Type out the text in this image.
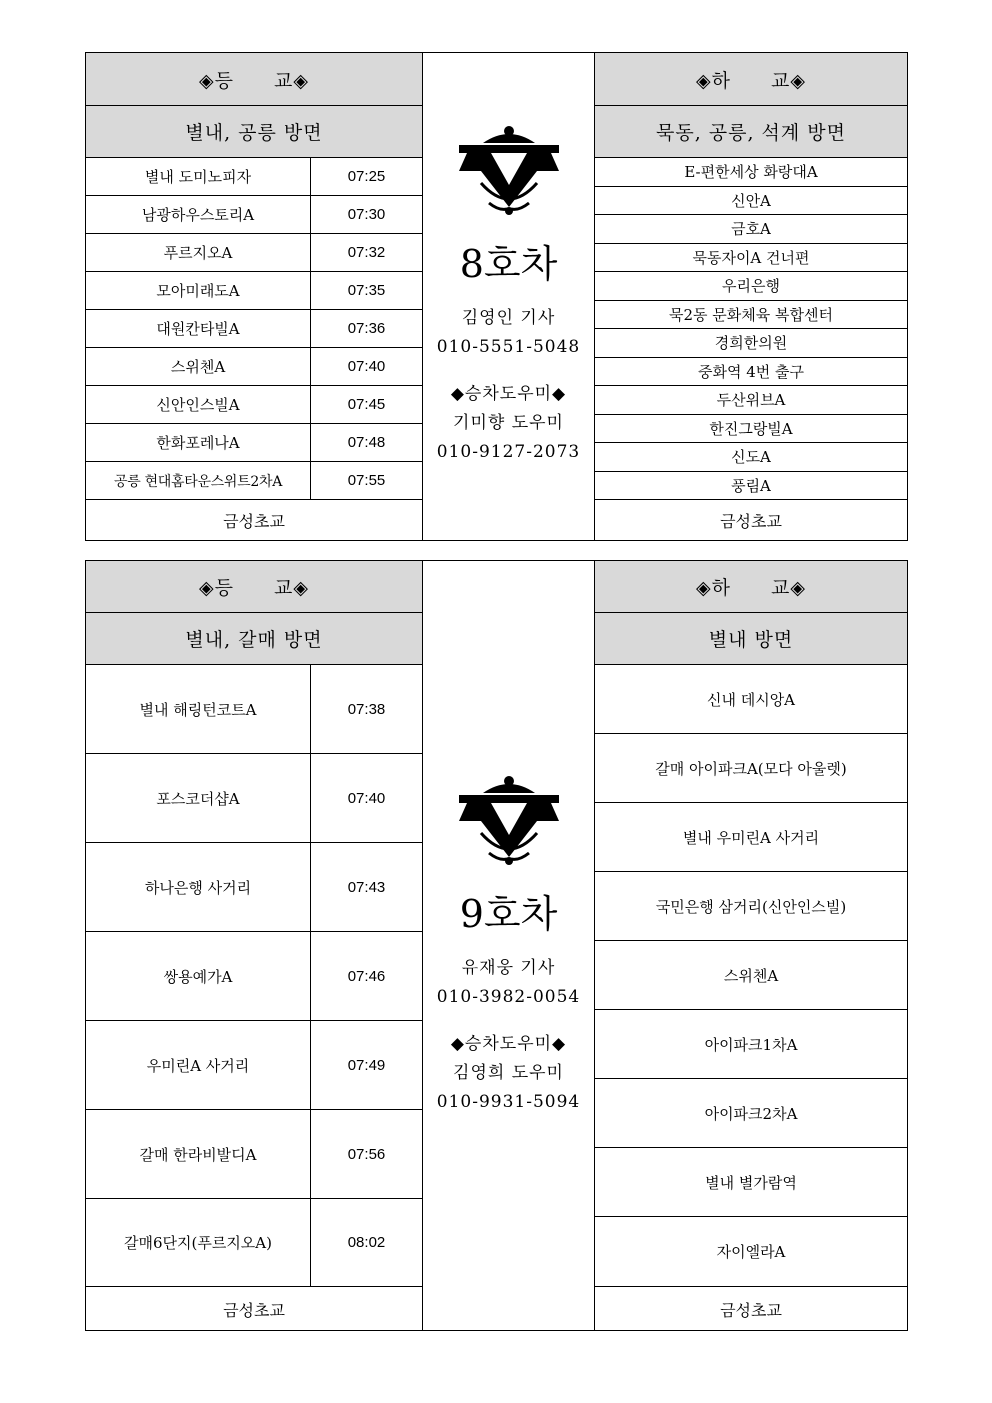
◈등　　교◈
별내, 공릉 방면
별내 도미노피자	07:25
남광하우스토리A	07:30
푸르지오A	07:32
모아미래도A	07:35
대원칸타빌A	07:36
스위첸A	07:40
신안인스빌A	07:45
한화포레나A	07:48
공릉 현대홈타운스위트2차A	07:55
금성초교
8호차
김영인 기사
010-5551-5048
◆승차도우미◆
기미향 도우미
010-9127-2073
◈하　　교◈
묵동, 공릉, 석계 방면
E-편한세상 화랑대A
신안A
금호A
묵동자이A 건너편
우리은행
묵2동 문화체육 복합센터
경희한의원
중화역 4번 출구
두산위브A
한진그랑빌A
신도A
풍림A
금성초교
◈등　　교◈
별내, 갈매 방면
별내 해링턴코트A	07:38
포스코더샵A	07:40
하나은행 사거리	07:43
쌍용예가A	07:46
우미린A 사거리	07:49
갈매 한라비발디A	07:56
갈매6단지(푸르지오A)	08:02
금성초교
9호차
유재웅 기사
010-3982-0054
◆승차도우미◆
김영희 도우미
010-9931-5094
◈하　　교◈
별내 방면
신내 데시앙A
갈매 아이파크A(모다 아울렛)
별내 우미린A 사거리
국민은행 삼거리(신안인스빌)
스위첸A
아이파크1차A
아이파크2차A
별내 별가람역
자이엘라A
금성초교
